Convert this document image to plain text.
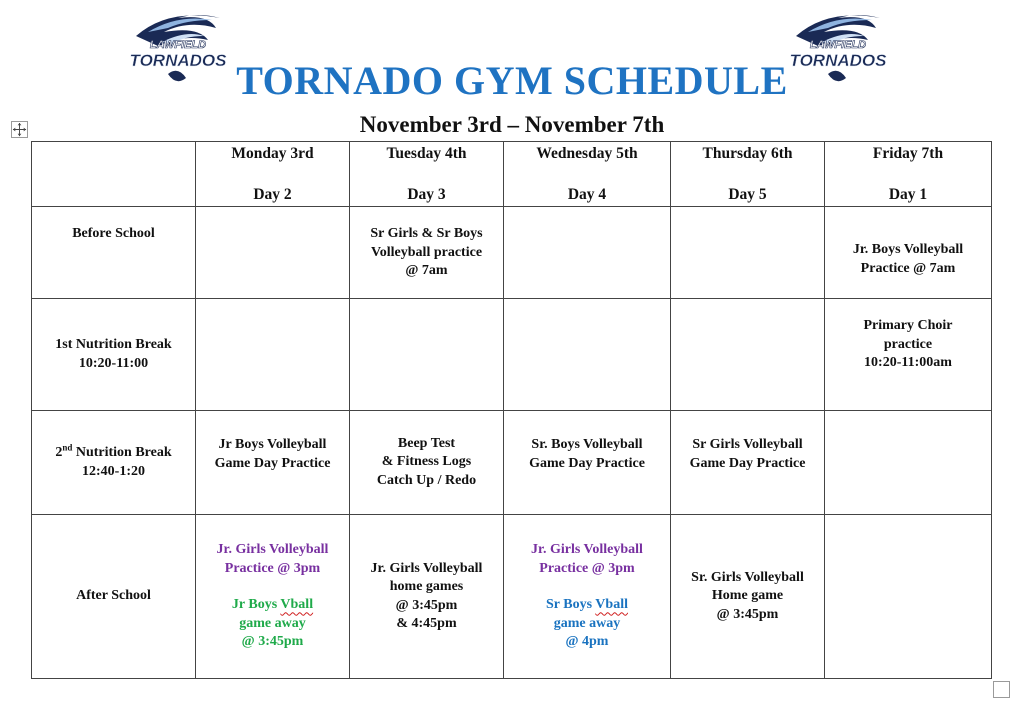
LAWFIELD
TORNADOS
LAWFIELD
TORNADOS
TORNADO GYM SCHEDULE
November 3rd – November 7th

	Monday 3rd
Day 2	Tuesday 4th
Day 3	Wednesday 5th
Day 4	Thursday 6th
Day 5	Friday 7th
Day 1

Before School		Sr Girls & Sr Boys
Volleyball practice
@ 7am			Jr. Boys Volleyball
Practice @ 7am

1st Nutrition Break
10:20-11:00					Primary Choir
practice
10:20-11:00am

2nd Nutrition Break
12:40-1:20	Jr Boys Volleyball
Game Day Practice	Beep Test
& Fitness Logs
Catch Up / Redo	Sr. Boys Volleyball
Game Day Practice	Sr Girls Volleyball
Game Day Practice	

After School	Jr. Girls Volleyball
Practice @ 3pm
Jr Boys Vball
game away
@ 3:45pm	Jr. Girls Volleyball
home games
@ 3:45pm
& 4:45pm	Jr. Girls Volleyball
Practice @ 3pm
Sr Boys Vball
game away
@ 4pm	Sr. Girls Volleyball
Home game
@ 3:45pm	
